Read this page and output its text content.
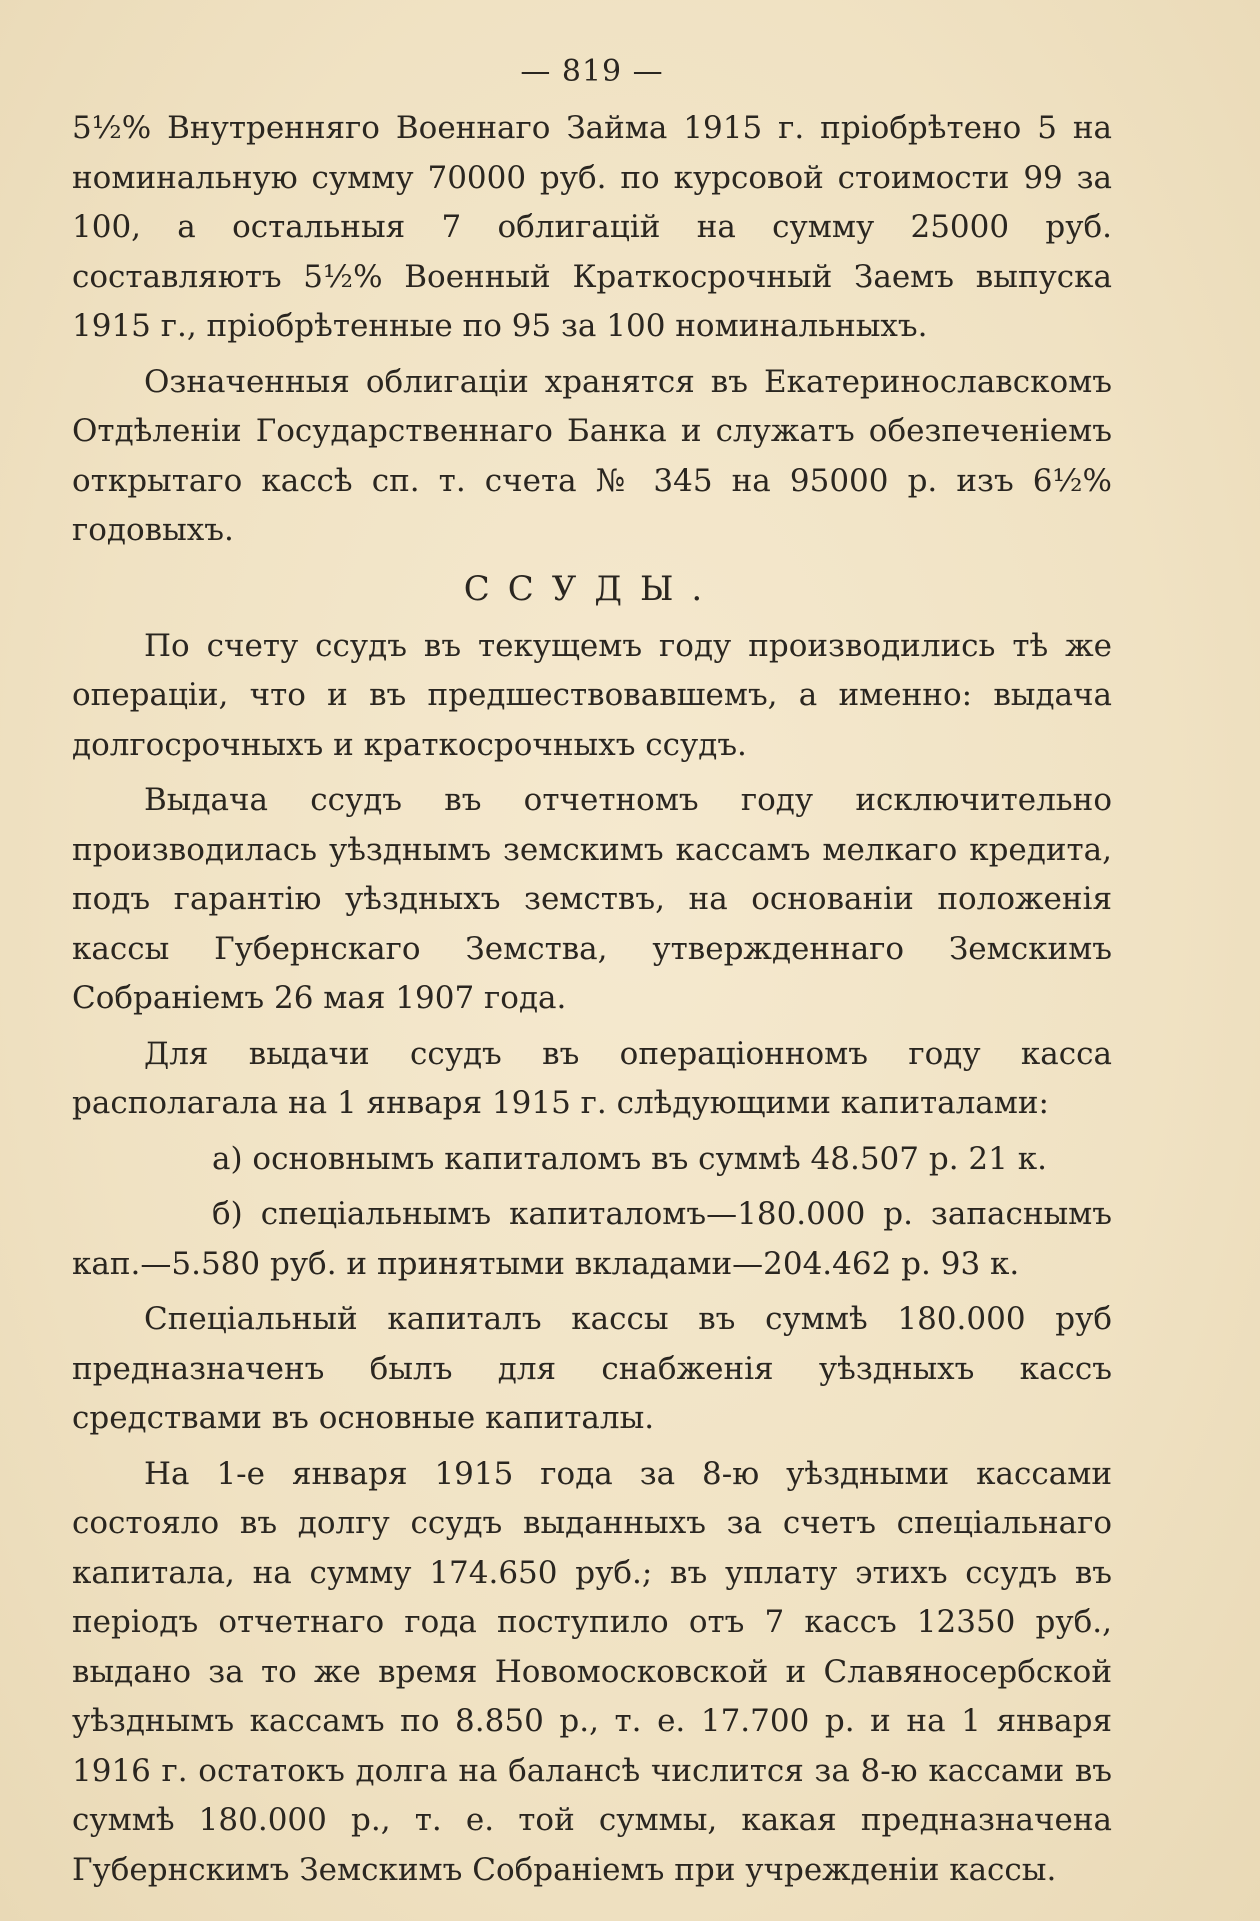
— 819 —

5½% Внутренняго Военнаго Займа 1915 г. пріобрѣтено 5 на номинальную сумму 70000 руб. по курсовой стоимости 99 за 100, а остальныя 7 облигацій на сумму 25000 руб. составляютъ 5½% Военный Краткосрочный Заемъ выпуска 1915 г., пріобрѣтенные по 95 за 100 номинальныхъ.

Означенныя облигаціи хранятся въ Екатеринославскомъ Отдѣленіи Государственнаго Банка и служатъ обезпеченіемъ открытаго кассѣ сп. т. счета № 345 на 95000 р. изъ 6½% годовыхъ.

ССУДЫ.

По счету ссудъ въ текущемъ году производились тѣ же операціи, что и въ предшествовавшемъ, а именно: выдача долгосрочныхъ и краткосрочныхъ ссудъ.

Выдача ссудъ въ отчетномъ году исключительно производилась уѣзднымъ земскимъ кассамъ мелкаго кредита, подъ гарантію уѣздныхъ земствъ, на основаніи положенія кассы Губернскаго Земства, утвержденнаго Земскимъ Собраніемъ 26 мая 1907 года.

Для выдачи ссудъ въ операціонномъ году касса располагала на 1 января 1915 г. слѣдующими капиталами:

а) основнымъ капиталомъ въ суммѣ 48.507 р. 21 к.

б) спеціальнымъ капиталомъ—180.000 р. запаснымъ кап.—5.580 руб. и принятыми вкладами—204.462 р. 93 к.

Спеціальный капиталъ кассы въ суммѣ 180.000 руб предназначенъ былъ для снабженія уѣздныхъ кассъ средствами въ основные капиталы.

На 1-е января 1915 года за 8-ю уѣздными кассами состояло въ долгу ссудъ выданныхъ за счетъ спеціальнаго капитала, на сумму 174.650 руб.; въ уплату этихъ ссудъ въ періодъ отчетнаго года поступило отъ 7 кассъ 12350 руб., выдано за то же время Новомосковской и Славяносербской уѣзднымъ кассамъ по 8.850 р., т. е. 17.700 р. и на 1 января 1916 г. остатокъ долга на балансѣ числится за 8-ю кассами въ суммѣ 180.000 р., т. е. той суммы, какая предназначена Губернскимъ Земскимъ Собраніемъ при учрежденіи кассы.
